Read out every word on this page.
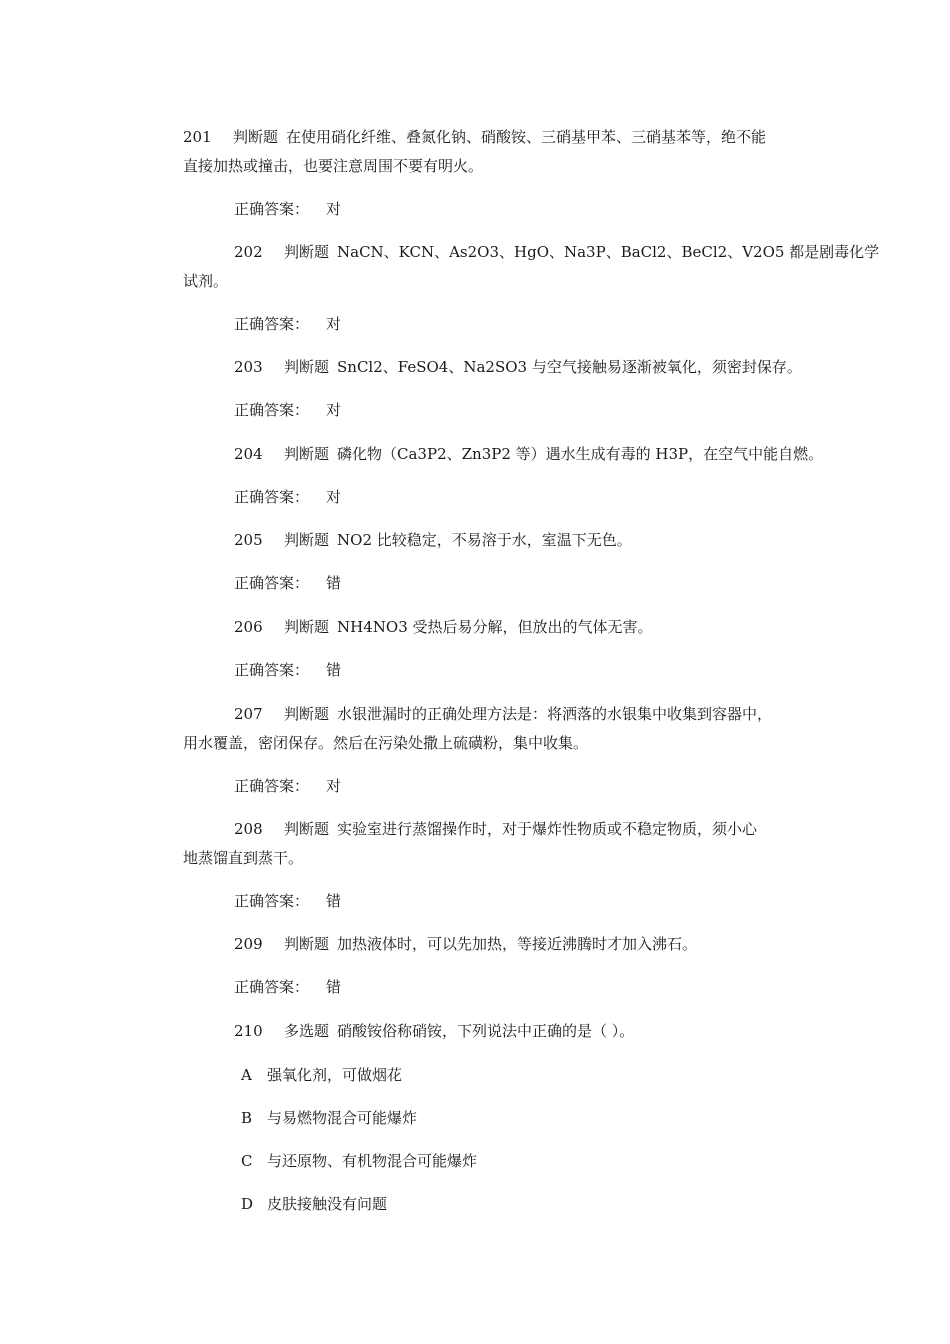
201 判断题 在使用硝化纤维、叠氮化钠、硝酸铵、三硝基甲苯、三硝基苯等，绝不能
直接加热或撞击，也要注意周围不要有明火。
正确答案： 对
202 判断题 NaCN、KCN、As2O3、HgO、Na3P、BaCl2、BeCl2、V2O5 都是剧毒化学
试剂。
正确答案： 对
203 判断题 SnCl2、FeSO4、Na2SO3 与空气接触易逐渐被氧化，须密封保存。
正确答案： 对
204 判断题 磷化物（Ca3P2、Zn3P2 等）遇水生成有毒的 H3P，在空气中能自燃。
正确答案： 对
205 判断题 NO2 比较稳定，不易溶于水，室温下无色。
正确答案： 错
206 判断题 NH4NO3 受热后易分解，但放出的气体无害。
正确答案： 错
207 判断题 水银泄漏时的正确处理方法是：将洒落的水银集中收集到容器中，
用水覆盖，密闭保存。然后在污染处撒上硫磺粉，集中收集。
正确答案： 对
208 判断题 实验室进行蒸馏操作时，对于爆炸性物质或不稳定物质，须小心
地蒸馏直到蒸干。
正确答案： 错
209 判断题 加热液体时，可以先加热，等接近沸腾时才加入沸石。
正确答案： 错
210 多选题 硝酸铵俗称硝铵，下列说法中正确的是（ ）。
A 强氧化剂，可做烟花
B 与易燃物混合可能爆炸
C 与还原物、有机物混合可能爆炸
D 皮肤接触没有问题
